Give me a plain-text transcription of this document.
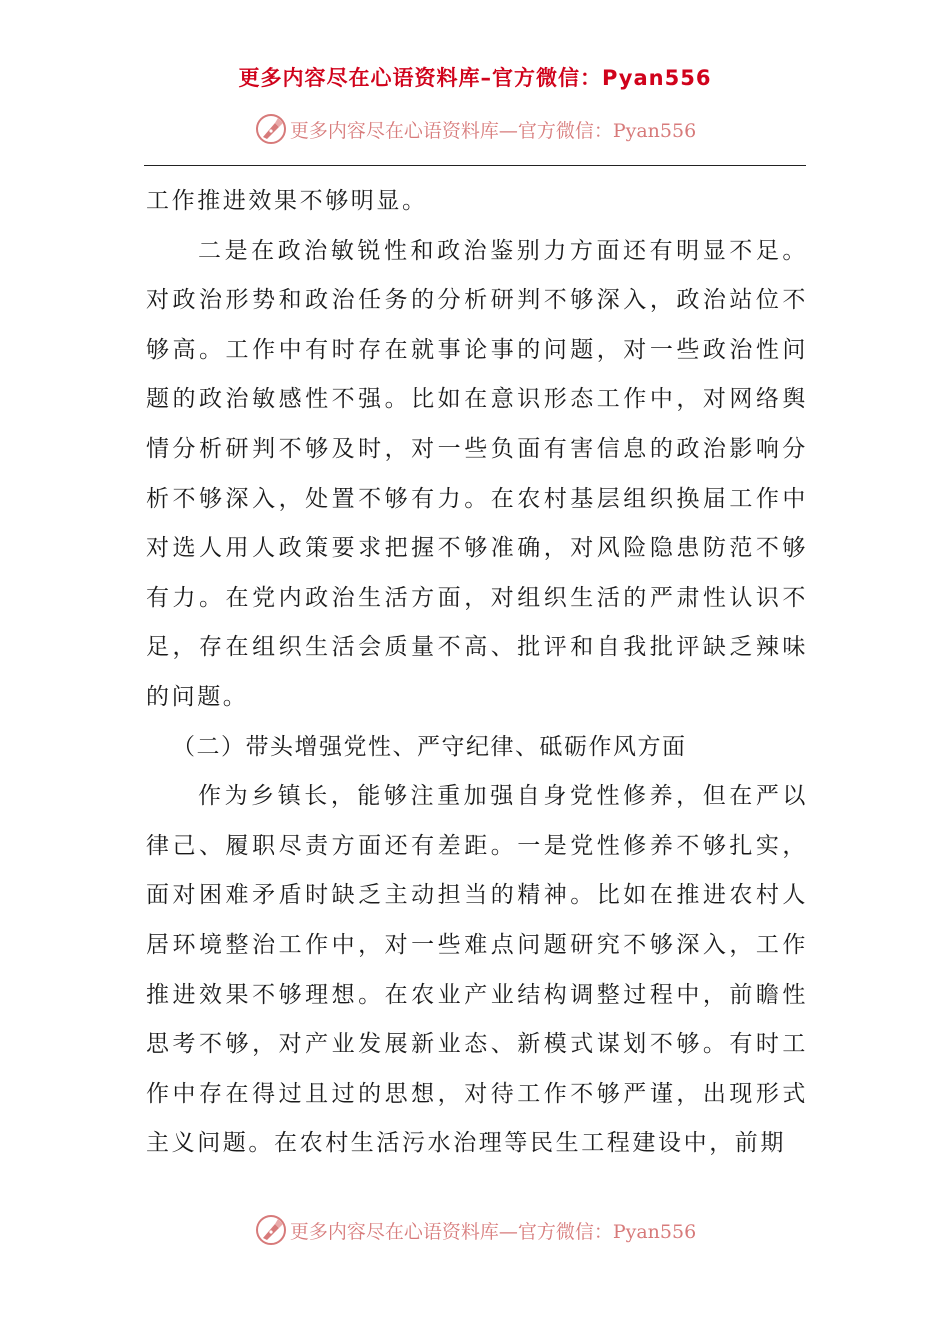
更多内容尽在心语资料库–官方微信：Pyan556
更多内容尽在心语资料库—官方微信：Pyan556

工作推进效果不够明显。

二是在政治敏锐性和政治鉴别力方面还有明显不足。对政治形势和政治任务的分析研判不够深入，政治站位不够高。工作中有时存在就事论事的问题，对一些政治性问题的政治敏感性不强。比如在意识形态工作中，对网络舆情分析研判不够及时，对一些负面有害信息的政治影响分析不够深入，处置不够有力。在农村基层组织换届工作中对选人用人政策要求把握不够准确，对风险隐患防范不够有力。在党内政治生活方面，对组织生活的严肃性认识不足，存在组织生活会质量不高、批评和自我批评缺乏辣味的问题。

（二）带头增强党性、严守纪律、砥砺作风方面

作为乡镇长，能够注重加强自身党性修养，但在严以律己、履职尽责方面还有差距。一是党性修养不够扎实，面对困难矛盾时缺乏主动担当的精神。比如在推进农村人居环境整治工作中，对一些难点问题研究不够深入，工作推进效果不够理想。在农业产业结构调整过程中，前瞻性思考不够，对产业发展新业态、新模式谋划不够。有时工作中存在得过且过的思想，对待工作不够严谨，出现形式主义问题。在农村生活污水治理等民生工程建设中，前期

更多内容尽在心语资料库—官方微信：Pyan556
